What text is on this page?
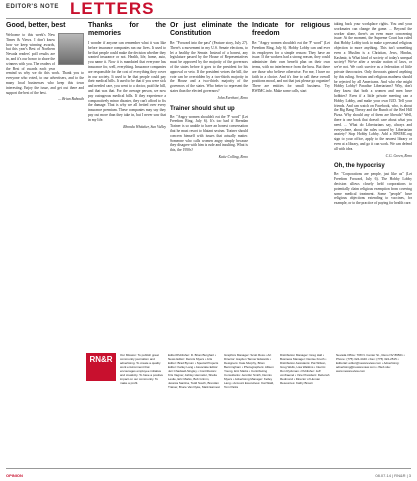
EDITOR'S NOTE LETTERS
Good, better, best

Welcome to this week's New Times & Views. I don't know how we keep winning awards, but this year's Best of Northern Nevada readers' poll results are in, and it's our honor to share the winners with you. The readers of the Best of awards each year remind us why we do this work. Thank you to everyone who voted, to our advertisers, and to the many local businesses who keep this town interesting. Enjoy the issue, and get out there and support the best of the best.

— Brian Bahouth

Thanks for the memories

I wonder if anyone can remember what it was like before insurance companies ran our lives. It used to be that people could make the decision whether they wanted insurance or not. Health, life, home, auto, you name it. Now it is mandated that everyone has insurance for, well, everything. Insurance companies are responsible for the cost of everything they cover in our society. It used to be that people could pay their medical bills. It used to be that if you were sick and needed care, you went to a doctor, paid the bill, and that was that. For the average person, we now pay outrageous medical bills. If they experience a comparatively minor disaster, they can't afford to fix the damage. That is why we all fretted over every insurance premium. These companies may say they pay out more than they take in, but I never saw that in my life.

Rhonda Whitaker, Sun Valley

Or just eliminate the Constitution

Re: "Forward into the past" (Feature story, July 27). There's a movement in my U.S. Senate elections, to let a healthy the Senate. Instead of a honest, any legislature passed by the House of Representatives must be approved by the majority of the governors of the states before it goes to the president for his approval or veto. If the president vetoes the bill, the vote can be overridden by a two-thirds majority in the House and a two-thirds majority of the governors of the states. Who better to represent the states than the elected governors?

John Everhart, Reno

Trainer should shut up

Re: "Angry women shouldn't eat the 'F' word" (Let Freedom Ring, July 6). It's too bad if Brendan Trainer is so unable to have an honest conversation that he must resort to blatant sexism. Trainer should concern himself with issues that actually matter. Someone who calls women angry simply because they disagree with him is rude and insulting. What is this, the 1950s?

Katie Colling, Reno

Indicate for religious freedom

Re: "Angry women shouldn't eat the 'F' word" (Let Freedom Ring, July 6). Hobby Lobby can and ever its employees for a simple reason: They have an issue. If the workers had a strong reason, they could administer their own benefit plan on their own terms, with no interference from the boss. But there are those who believe otherwise. For me, I have no faith in a choice. And it's fine to call these overall positions moral, and not that just please go organize! There are entities for small business. Try BWIMC.info. Make some calls, start

taking back your workplace rights. You and your workmates can change the game. ... Beyond the worker alone, there's an even more concerning issue: At the moment, the Supreme Court has ruled that Hobby Lobby took to make a personal religious objection to more anything. This isn't something even a Muslim is a Christian, Jews, Hindus, Kashmir, is What kind of society of today's unequal society? We've after a secular nation of laws, or we're not. We can't survive as a federation of little private theocracies. Only theocrats gained anything by this ruling. Sexism and religious madness should be rejected by all Americans. And who else might Hobby Lobby? Paradise Libertarians? Why, don't they know that both a women and men have hobbies? Even if a little private meeting can a Hobby Lobby, and make your own IUD. Tell your friends. And can watch on Facebook, who, is about the Big Bang Theory and the Bunch of the Red Hill Pizza. Why should any of them are liberals? Well, there is one book that doesn't care about what you need. ... What do Libertarians say, always and everywhere, about the rules caused by Libertarian anxiety? Stop Hobby Lobby. Add a BWIMC.org sign to your office, apply to the nearest library or even at a library, and go it can work. We can defend all with idea.

C.G. Green, Reno

Oh, the hypocrisy

Re: "Corporations are people, just like us" (Let Freedom Forward, July 6). The Hobby Lobby decision allows closely held corporations to potentially claim religious exemption from covering some medical treatment. Some "people" have religious objections extending to vaccines, for example, or to the practice of paying for health care.

RN&R	Our Mission: To publish great community journalism and advertising. To create a quality work environment that encourages employee initiative and creativity. To have a positive impact on our community. To make a profit.
Editor/Publisher: D. Brian Burghart • News Editor: Dennis Myers • Arts Editor: Brad Bynum • Special Projects Editor: Kelley Lang • Associate Editor: Jeri Chadwell-Singley • Contributors: Kris Vagner, Ashley Hennefer, Sheila Leslie, Eric Marks, Bob Grimm, Jessica Santina, Todd South, Brendan Trainer, Bruce Van Dyke, Mark Earnest
Graphics Manager: Scott Ross • Art Director: Hayden Tanner Edwards • Designers: Kate Murphy, Brian Bermingham • Photographers: Allison Young, Eric Marks • Contributing Consultants: Jennifer Smith, Dennis Myers • Advertising Manager: Kelley Lang • Account Executives: Kat Wald, Tom Parks
Distribution Manager: Greg Hall • Business Manager: Denise Knoth • Distribution Assistants: Pat Wilson, Greg Wells, Lisa Watkins • Interim: Ron Ryckman • Publisher: Jeff vonKaenel • Vice President: Deborah Redmond • Director of Human Resources: Kathy Brown
Nevada Office: 708 N. Center St., Reno NV 89501 • Phone: (775) 324-4440 • Fax: (775) 324-2515 • Editorial: editor@newsreview.com • Advertising: advertising@newsreview.com • Web site: www.newsreview.com
OPINION	08.07.14 | RN&R | 3
